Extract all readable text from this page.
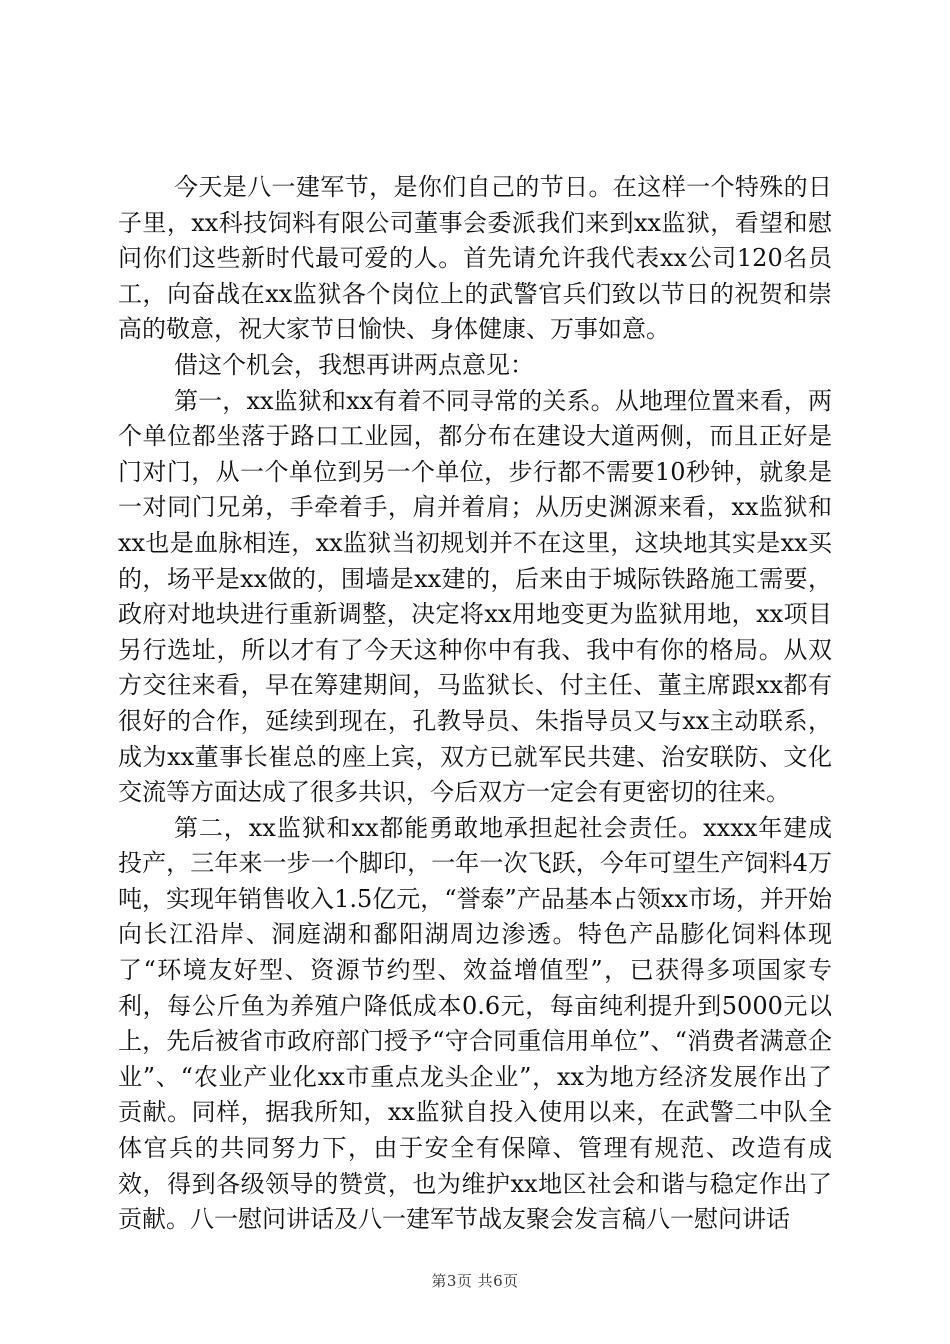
今天是八一建军节，是你们自己的节日。在这样一个特殊的日子里，xx科技饲料有限公司董事会委派我们来到xx监狱，看望和慰问你们这些新时代最可爱的人。首先请允许我代表xx公司120名员工，向奋战在xx监狱各个岗位上的武警官兵们致以节日的祝贺和崇高的敬意，祝大家节日愉快、身体健康、万事如意。

借这个机会，我想再讲两点意见：

第一，xx监狱和xx有着不同寻常的关系。从地理位置来看，两个单位都坐落于路口工业园，都分布在建设大道两侧，而且正好是门对门，从一个单位到另一个单位，步行都不需要10秒钟，就象是一对同门兄弟，手牵着手，肩并着肩；从历史渊源来看，xx监狱和xx也是血脉相连，xx监狱当初规划并不在这里，这块地其实是xx买的，场平是xx做的，围墙是xx建的，后来由于城际铁路施工需要，政府对地块进行重新调整，决定将xx用地变更为监狱用地，xx项目另行选址，所以才有了今天这种你中有我、我中有你的格局。从双方交往来看，早在筹建期间，马监狱长、付主任、董主席跟xx都有很好的合作，延续到现在，孔教导员、朱指导员又与xx主动联系，成为xx董事长崔总的座上宾，双方已就军民共建、治安联防、文化交流等方面达成了很多共识，今后双方一定会有更密切的往来。

第二，xx监狱和xx都能勇敢地承担起社会责任。xxxx年建成投产，三年来一步一个脚印，一年一次飞跃，今年可望生产饲料4万吨，实现年销售收入1.5亿元，“誉泰”产品基本占领xx市场，并开始向长江沿岸、洞庭湖和鄱阳湖周边渗透。特色产品膨化饲料体现了“环境友好型、资源节约型、效益增值型”，已获得多项国家专利，每公斤鱼为养殖户降低成本0.6元，每亩纯利提升到5000元以上，先后被省市政府部门授予“守合同重信用单位”、“消费者满意企业”、“农业产业化xx市重点龙头企业”，xx为地方经济发展作出了贡献。同样，据我所知，xx监狱自投入使用以来，在武警二中队全体官兵的共同努力下，由于安全有保障、管理有规范、改造有成效，得到各级领导的赞赏，也为维护xx地区社会和谐与稳定作出了贡献。八一慰问讲话及八一建军节战友聚会发言稿八一慰问讲话

第3页 共6页
